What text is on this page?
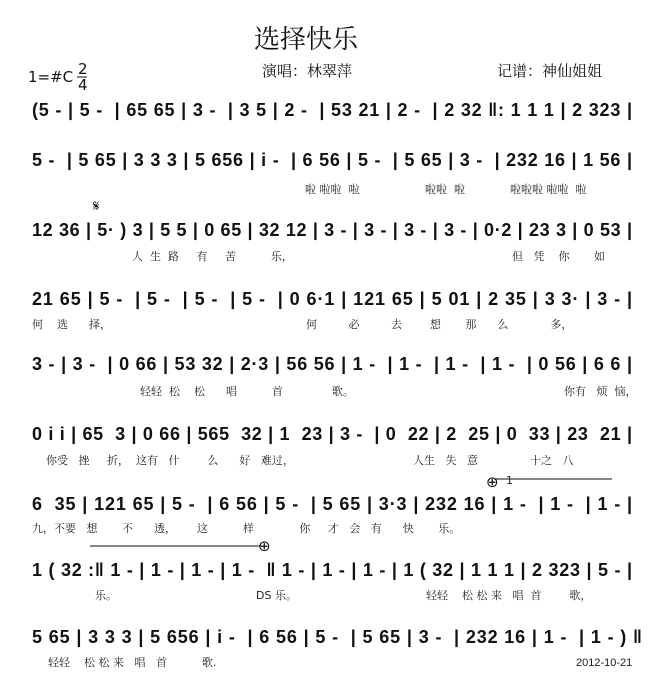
选择快乐
演唱：林翠萍	记谱：神仙姐姐
1=#C 2
4
(5 - | 5 -  | 65 65 | 3 -  | 3 5 | 2 -  | 53 21 | 2 -  | 2 32 ‖: 1 1 1 | 2 323 |
5 -  | 5 65 | 3 3 3 | 5 656 | i -  | 6 56 | 5 -  | 5 65 | 3 -  | 232 16 | 1 56 |
啦 啦啦  啦	啦啦  啦	啦啦啦 啦啦  啦
𝄋
12 36 | 5· ) 3 | 5 5 | 0 65 | 32 12 | 3 - | 3 - | 3 - | 3 - | 0·2 | 23 3 | 0 53 |
人  生  路     有     苦          乐，	但   凭    你       如
21 65 | 5 -  | 5 -  | 5 -  | 5 -  | 0 6·1 | 121 65 | 5 01 | 2 35 | 3 3· | 3 - |
何    选      择，	何         必         去        想       那      么            多，
3 - | 3 -  | 0 66 | 53 32 | 2·3 | 56 56 | 1 -  | 1 -  | 1 -  | 1 -  | 0 56 | 6 6 |
轻轻  松    松      唱          首              歌。	你有   烦  恼，
0 i i | 65  3 | 0 66 | 565  32 | 1  23 | 3 -  | 0  22 | 2  25 | 0  33 | 23  21 |
你受   挫     折，  这有   什        么      好   难过，	人生   失   意	十之   八
⊕ 1
6  35 | 121 65 | 5 -  | 6 56 | 5 -  | 5 65 | 3·3 | 232 16 | 1 -  | 1 -  | 1 - |
九，不要   想       不      透，      这          样             你     才   会   有      快       乐。
⊕
1 ( 32 :‖ 1 - | 1 - | 1 - | 1 -  ‖ 1 - | 1 - | 1 - | 1 ( 32 | 1 1 1 | 2 323 | 5 - |
乐。	DS 乐。	轻轻    松 松 来   唱  首        歌，
5 65 | 3 3 3 | 5 656 | i -  | 6 56 | 5 -  | 5 65 | 3 -  | 232 16 | 1 -  | 1 - ) ‖
轻轻    松 松 来   唱   首          歌.	2012-10-21
